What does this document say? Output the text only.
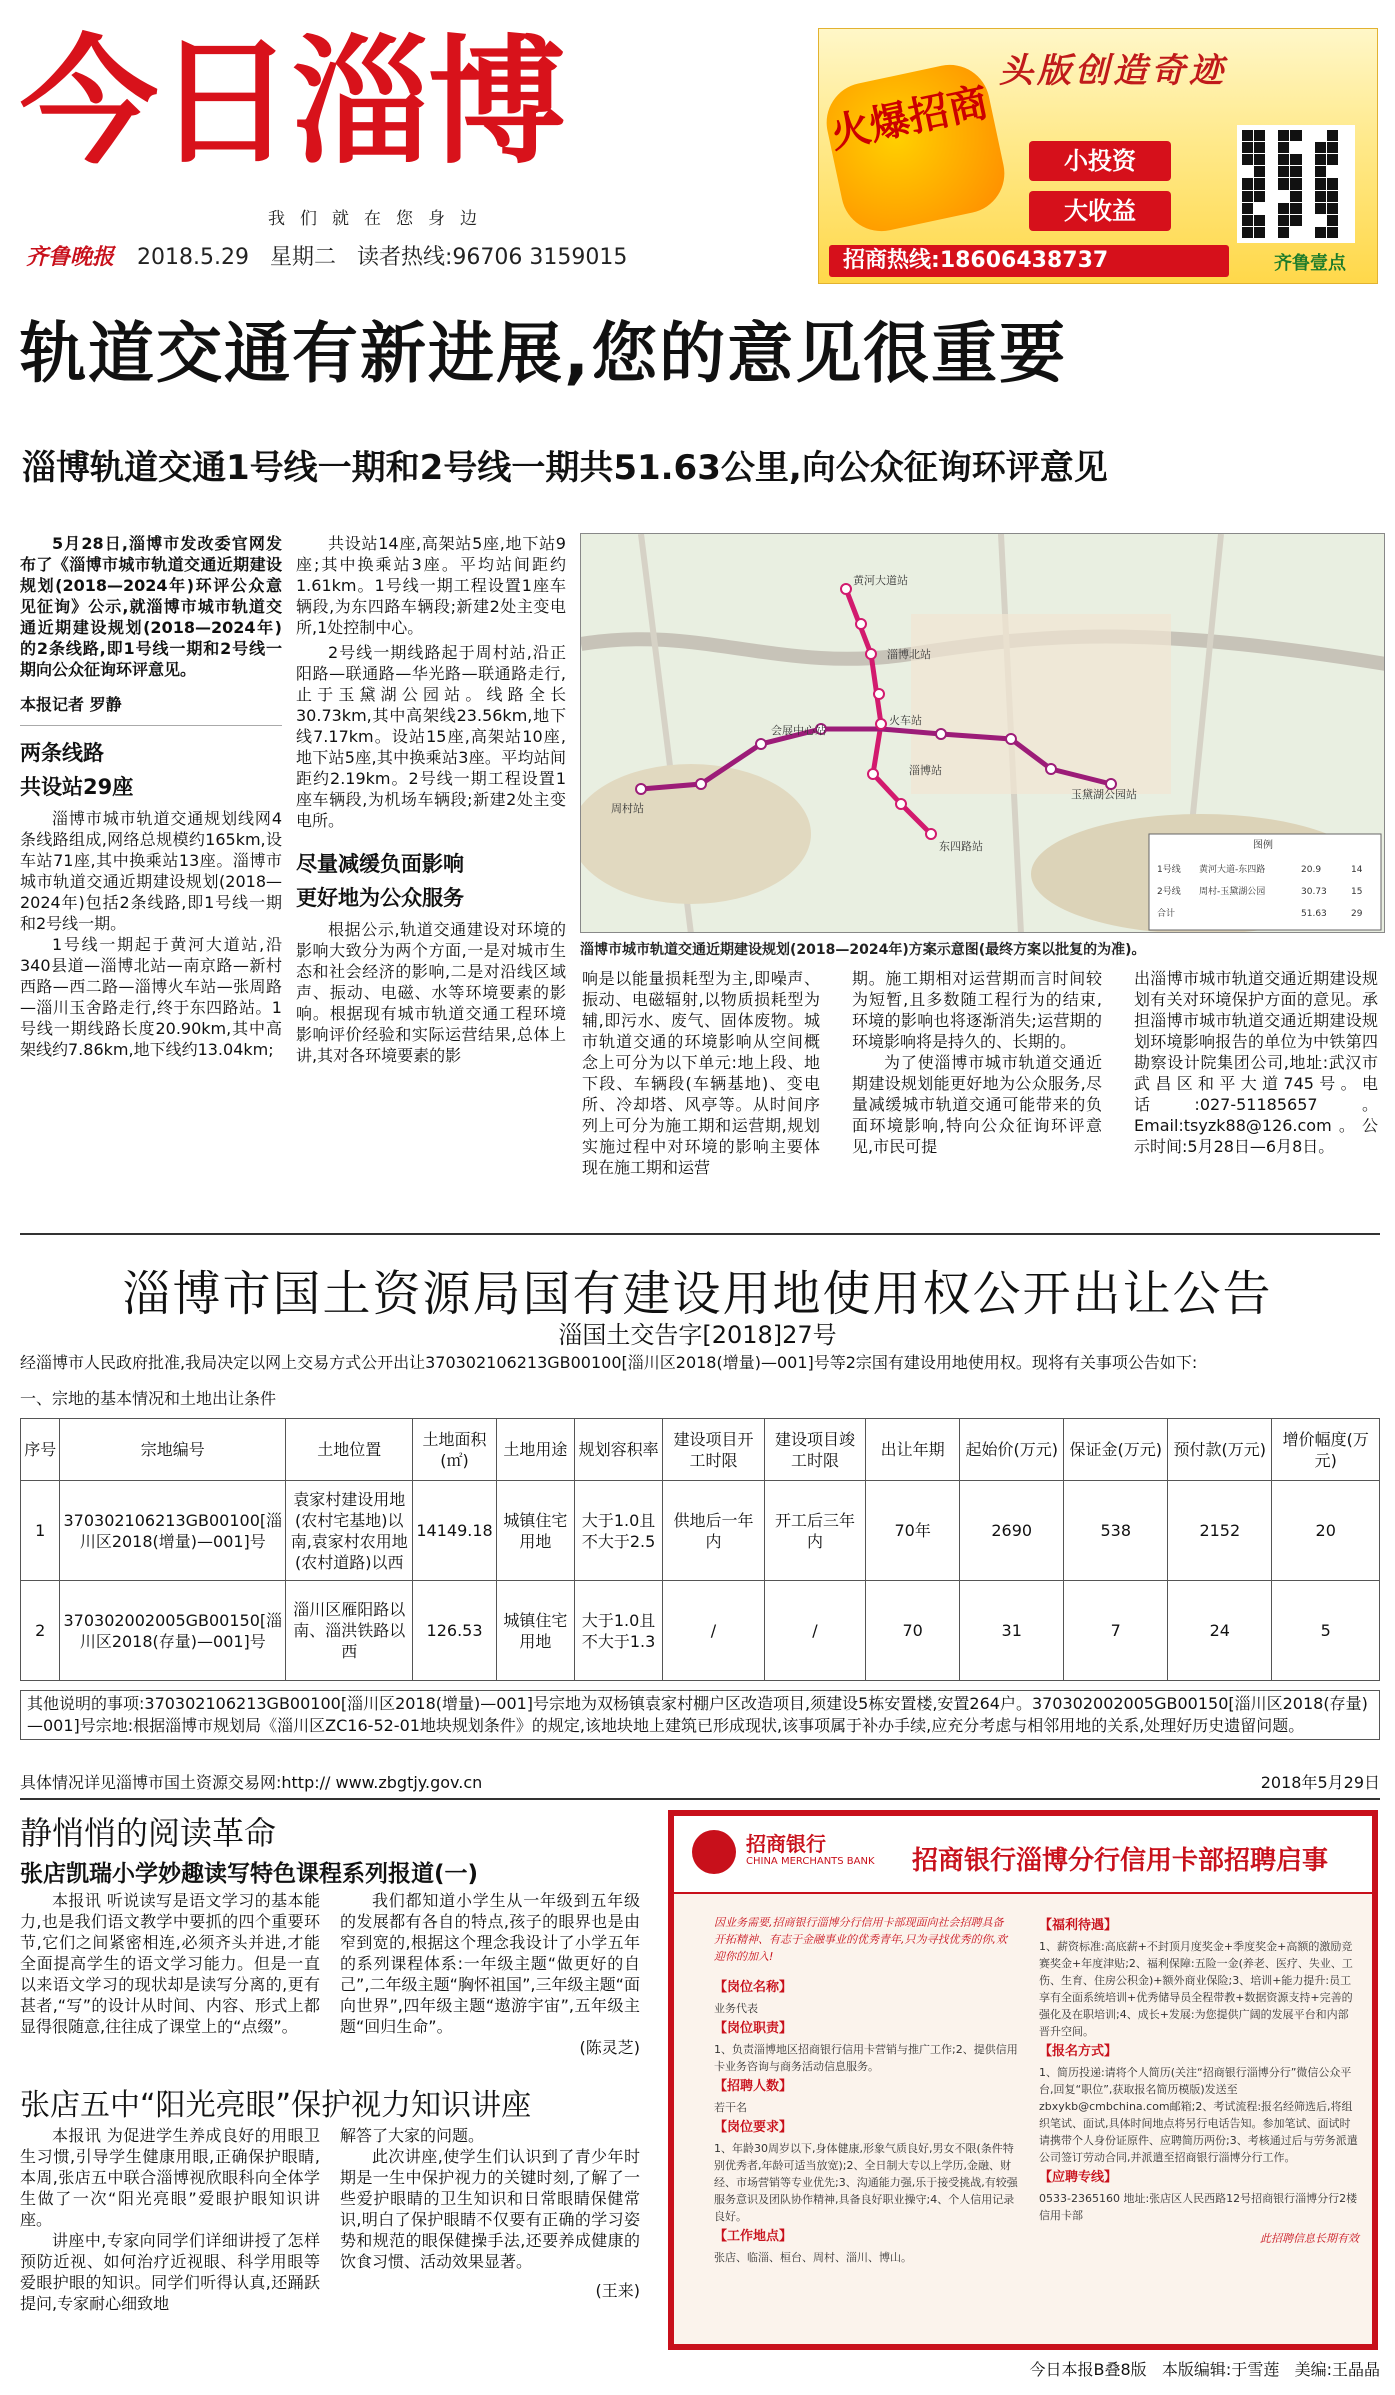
今日淄博
我们就在您身边
齐鲁晚报 2018.5.29 星期二 读者热线:96706 3159015
头版创造奇迹
火爆招商
小投资
大收益
招商热线:18606438737	齐鲁壹点
轨道交通有新进展,您的意见很重要
淄博轨道交通1号线一期和2号线一期共51.63公里,向公众征询环评意见

5月28日,淄博市发改委官网发布了《淄博市城市轨道交通近期建设规划(2018—2024年)环评公众意见征询》公示,就淄博市城市轨道交通近期建设规划(2018—2024年)的2条线路,即1号线一期和2号线一期向公众征询环评意见。

本报记者 罗静
两条线路
共设站29座

淄博市城市轨道交通规划线网4条线路组成,网络总规模约165km,设车站71座,其中换乘站13座。淄博市城市轨道交通近期建设规划(2018—2024年)包括2条线路,即1号线一期和2号线一期。

1号线一期起于黄河大道站,沿340县道—淄博北站—南京路—新村西路—西二路—淄博火车站—张周路—淄川玉舍路走行,终于东四路站。1号线一期线路长度20.90km,其中高架线约7.86km,地下线约13.04km;

共设站14座,高架站5座,地下站9座;其中换乘站3座。平均站间距约1.61km。1号线一期工程设置1座车辆段,为东四路车辆段;新建2处主变电所,1处控制中心。

2号线一期线路起于周村站,沿正阳路—联通路—华光路—联通路走行,止于玉黛湖公园站。线路全长30.73km,其中高架线23.56km,地下线7.17km。设站15座,高架站10座,地下站5座,其中换乘站3座。平均站间距约2.19km。2号线一期工程设置1座车辆段,为机场车辆段;新建2处主变电所。

尽量减缓负面影响
更好地为公众服务

根据公示,轨道交通建设对环境的影响大致分为两个方面,一是对城市生态和社会经济的影响,二是对沿线区域声、振动、电磁、水等环境要素的影响。根据现有城市轨道交通工程环境影响评价经验和实际运营结果,总体上讲,其对各环境要素的影

黄河大道站
淄博北站
周村站
东四路站
玉黛湖公园站
淄博站
会展中心站
火车站
图例
1号线 黄河大道-东四路	20.9	14
2号线 周村-玉黛湖公园	30.73	15
合计	51.63	29
淄博市城市轨道交通近期建设规划(2018—2024年)方案示意图(最终方案以批复的为准)。

响是以能量损耗型为主,即噪声、振动、电磁辐射,以物质损耗型为辅,即污水、废气、固体废物。城市轨道交通的环境影响从空间概念上可分为以下单元:地上段、地下段、车辆段(车辆基地)、变电所、冷却塔、风亭等。从时间序列上可分为施工期和运营期,规划实施过程中对环境的影响主要体现在施工期和运营

期。施工期相对运营期而言时间较为短暂,且多数随工程行为的结束,环境的影响也将逐渐消失;运营期的环境影响将是持久的、长期的。

为了使淄博市城市轨道交通近期建设规划能更好地为公众服务,尽量减缓城市轨道交通可能带来的负面环境影响,特向公众征询环评意见,市民可提

出淄博市城市轨道交通近期建设规划有关对环境保护方面的意见。承担淄博市城市轨道交通近期建设规划环境影响报告的单位为中铁第四勘察设计院集团公司,地址:武汉市武昌区和平大道745号。电话:027-51185657。Email:tsyzk88@126.com。公示时间:5月28日—6月8日。

淄博市国土资源局国有建设用地使用权公开出让公告
淄国土交告字[2018]27号
经淄博市人民政府批准,我局决定以网上交易方式公开出让370302106213GB00100[淄川区2018(增量)—001]号等2宗国有建设用地使用权。现将有关事项公告如下:
一、宗地的基本情况和土地出让条件
序号	宗地编号	土地位置	土地面积(㎡)	土地用途	规划容积率	建设项目开工时限	建设项目竣工时限	出让年期	起始价(万元)	保证金(万元)	预付款(万元)	增价幅度(万元)
1	370302106213GB00100[淄川区2018(增量)—001]号	袁家村建设用地(农村宅基地)以南,袁家村农用地(农村道路)以西	14149.18	城镇住宅用地	大于1.0且不大于2.5	供地后一年内	开工后三年内	70年	2690	538	2152	20
2	370302002005GB00150[淄川区2018(存量)—001]号	淄川区雁阳路以南、淄洪铁路以西	126.53	城镇住宅用地	大于1.0且不大于1.3	/	/	70	31	7	24	5
其他说明的事项:370302106213GB00100[淄川区2018(增量)—001]号宗地为双杨镇袁家村棚户区改造项目,须建设5栋安置楼,安置264户。370302002005GB00150[淄川区2018(存量)—001]号宗地:根据淄博市规划局《淄川区ZC16-52-01地块规划条件》的规定,该地块地上建筑已形成现状,该事项属于补办手续,应充分考虑与相邻用地的关系,处理好历史遗留问题。
具体情况详见淄博市国土资源交易网:http:// www.zbgtjy.gov.cn	2018年5月29日
静悄悄的阅读革命
张店凯瑞小学妙趣读写特色课程系列报道(一)

本报讯 听说读写是语文学习的基本能力,也是我们语文教学中要抓的四个重要环节,它们之间紧密相连,必须齐头并进,才能全面提高学生的语文学习能力。但是一直以来语文学习的现状却是读写分离的,更有甚者,“写”的设计从时间、内容、形式上都显得很随意,往往成了课堂上的“点缀”。

我们都知道小学生从一年级到五年级的发展都有各自的特点,孩子的眼界也是由窄到宽的,根据这个理念我设计了小学五年的系列课程体系:一年级主题“做更好的自己”,二年级主题“胸怀祖国”,三年级主题“面向世界”,四年级主题“遨游宇宙”,五年级主题“回归生命”。

(陈灵芝)
张店五中“阳光亮眼”保护视力知识讲座

本报讯 为促进学生养成良好的用眼卫生习惯,引导学生健康用眼,正确保护眼睛,本周,张店五中联合淄博视欣眼科向全体学生做了一次“阳光亮眼”爱眼护眼知识讲座。

讲座中,专家向同学们详细讲授了怎样预防近视、如何治疗近视眼、科学用眼等爱眼护眼的知识。同学们听得认真,还踊跃提问,专家耐心细致地

解答了大家的问题。

此次讲座,使学生们认识到了青少年时期是一生中保护视力的关键时刻,了解了一些爱护眼睛的卫生知识和日常眼睛保健常识,明白了保护眼睛不仅要有正确的学习姿势和规范的眼保健操手法,还要养成健康的饮食习惯、活动效果显著。

(王来)
招商银行
CHINA MERCHANTS BANK 招商银行淄博分行信用卡部招聘启事
因业务需要,招商银行淄博分行信用卡部现面向社会招聘具备开拓精神、有志于金融事业的优秀青年,只为寻找优秀的你,欢迎你的加入!
【岗位名称】
业务代表
【岗位职责】
1、负责淄博地区招商银行信用卡营销与推广工作;2、提供信用卡业务咨询与商务活动信息服务。
【招聘人数】
若干名
【岗位要求】
1、年龄30周岁以下,身体健康,形象气质良好,男女不限(条件特别优秀者,年龄可适当放宽);2、全日制大专以上学历,金融、财经、市场营销等专业优先;3、沟通能力强,乐于接受挑战,有较强服务意识及团队协作精神,具备良好职业操守;4、个人信用记录良好。
【工作地点】
张店、临淄、桓台、周村、淄川、博山。
【福利待遇】
1、薪资标准:高底薪+不封顶月度奖金+季度奖金+高额的激励竞赛奖金+年度津贴;2、福利保障:五险一金(养老、医疗、失业、工伤、生育、住房公积金)+额外商业保险;3、培训+能力提升:员工享有全面系统培训+优秀储导员全程带教+数据资源支持+完善的强化及在职培训;4、成长+发展:为您提供广阔的发展平台和内部晋升空间。
【报名方式】
1、简历投递:请将个人简历(关注“招商银行淄博分行”微信公众平台,回复“职位”,获取报名简历模版)发送至zbxykb@cmbchina.com邮箱;2、考试流程:报名经筛选后,将组织笔试、面试,具体时间地点将另行电话告知。参加笔试、面试时请携带个人身份证原件、应聘简历两份;3、考核通过后与劳务派遣公司签订劳动合同,并派遣至招商银行淄博分行工作。
【应聘专线】
0533-2365160 地址:张店区人民西路12号招商银行淄博分行2楼信用卡部
此招聘信息长期有效
今日本报B叠8版 本版编辑:于雪莲 美编:王晶晶
